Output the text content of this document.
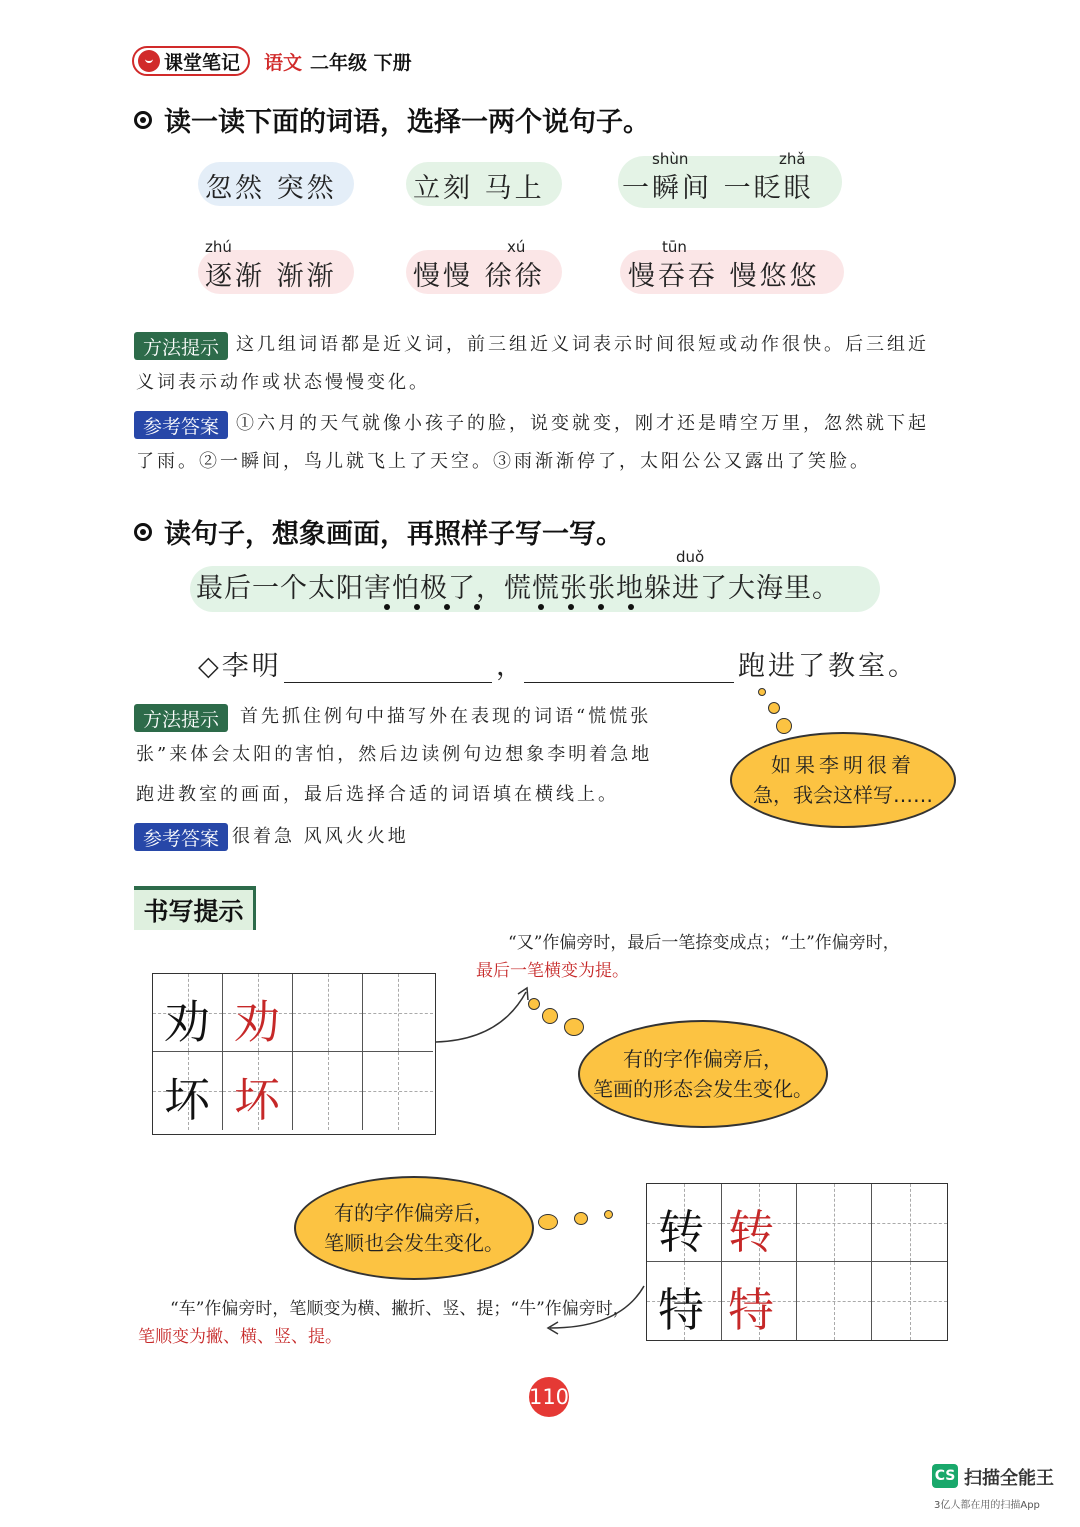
课堂笔记 语文 二年级 下册
读一读下面的词语，选择一两个说句子。
忽然 突然	立刻 马上	一瞬间 一眨眼
shùn	zhǎ
逐渐 渐渐	慢慢 徐徐	慢吞吞 慢悠悠
zhú	xú	tūn
方法提示 这几组词语都是近义词，前三组近义词表示时间很短或动作很快。后三组近
义词表示动作或状态慢慢变化。
参考答案 ①六月的天气就像小孩子的脸，说变就变，刚才还是晴空万里，忽然就下起
了雨。②一瞬间，鸟儿就飞上了天空。③雨渐渐停了，太阳公公又露出了笑脸。
读句子，想象画面，再照样子写一写。
最后一个太阳害怕极了，慌慌张张地躲进了大海里。
duǒ
◇李明	，	跑进了教室。
方法提示	首先抓住例句中描写外在表现的词语“慌慌张
张”来体会太阳的害怕，然后边读例句边想象李明着急地
跑进教室的画面，最后选择合适的词语填在横线上。
参考答案 很着急 风风火火地
如果李明很着
急，我会这样写……
书写提示
“又”作偏旁时，最后一笔捺变成点；“土”作偏旁时，
最后一笔横变为提。
劝 劝
坏 坏
有的字作偏旁后，
笔画的形态会发生变化。
有的字作偏旁后，
笔顺也会发生变化。	转 转
特 特
“车”作偏旁时，笔顺变为横、撇折、竖、提；“牛”作偏旁时，
笔顺变为撇、横、竖、提。
110
CS 扫描全能王
3亿人都在用的扫描App
